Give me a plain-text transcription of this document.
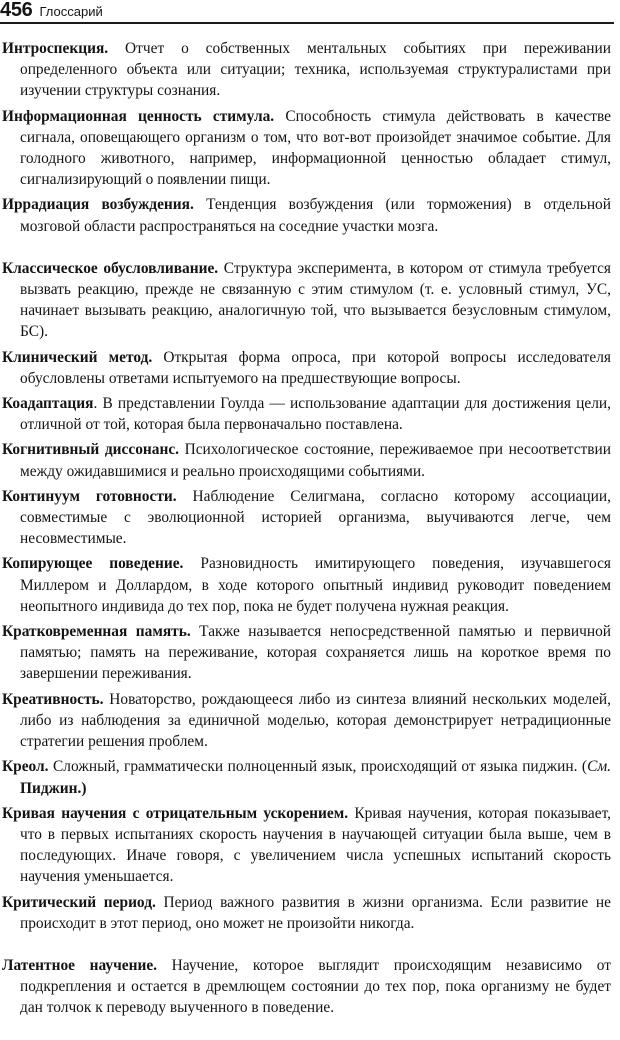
456 Глоссарий

Интроспекция. Отчет о собственных ментальных событиях при переживании определенного объекта или ситуации; техника, используемая структуралистами при изучении структуры сознания.

Информационная ценность стимула. Способность стимула действовать в качестве сигнала, оповещающего организм о том, что вот-вот произойдет значимое событие. Для голодного животного, например, информационной ценностью обладает стимул, сигнализирующий о появлении пищи.

Иррадиация возбуждения. Тенденция возбуждения (или торможения) в отдельной мозговой области распространяться на соседние участки мозга.

Классическое обусловливание. Структура эксперимента, в котором от стимула требуется вызвать реакцию, прежде не связанную с этим стимулом (т. е. условный стимул, УС, начинает вызывать реакцию, аналогичную той, что вызывается безусловным стимулом, БС).

Клинический метод. Открытая форма опроса, при которой вопросы исследователя обусловлены ответами испытуемого на предшествующие вопросы.

Коадаптация. В представлении Гоулда — использование адаптации для достижения цели, отличной от той, которая была первоначально поставлена.

Когнитивный диссонанс. Психологическое состояние, переживаемое при несоответствии между ожидавшимися и реально происходящими событиями.

Континуум готовности. Наблюдение Селигмана, согласно которому ассоциации, совместимые с эволюционной историей организма, выучиваются легче, чем несовместимые.

Копирующее поведение. Разновидность имитирующего поведения, изучавшегося Миллером и Доллардом, в ходе которого опытный индивид руководит поведением неопытного индивида до тех пор, пока не будет получена нужная реакция.

Кратковременная память. Также называется непосредственной памятью и первичной памятью; память на переживание, которая сохраняется лишь на короткое время по завершении переживания.

Креативность. Новаторство, рождающееся либо из синтеза влияний нескольких моделей, либо из наблюдения за единичной моделью, которая демонстрирует нетрадиционные стратегии решения проблем.

Креол. Сложный, грамматически полноценный язык, происходящий от языка пиджин. (См. Пиджин.)

Кривая научения с отрицательным ускорением. Кривая научения, которая показывает, что в первых испытаниях скорость научения в научающей ситуации была выше, чем в последующих. Иначе говоря, с увеличением числа успешных испытаний скорость научения уменьшается.

Критический период. Период важного развития в жизни организма. Если развитие не происходит в этот период, оно может не произойти никогда.

Латентное научение. Научение, которое выглядит происходящим независимо от подкрепления и остается в дремлющем состоянии до тех пор, пока организму не будет дан толчок к переводу выученного в поведение.
